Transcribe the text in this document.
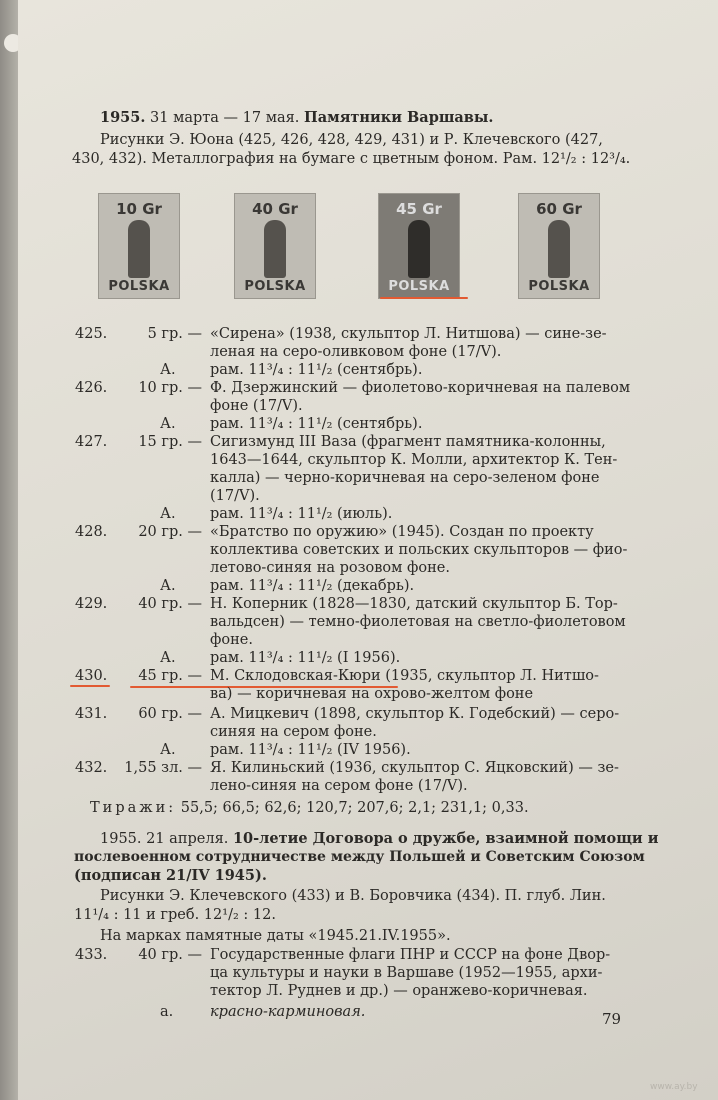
1955. 31 марта — 17 мая. Памятники Варшавы.
Рисунки Э. Юона (425, 426, 428, 429, 431) и Р. Клечевского (427,
430, 432). Металлография на бумаге с цветным фоном. Рам. 12¹/₂ : 12³/₄.
10 Gr
POLSKA
40 Gr
POLSKA
45 Gr
POLSKA
60 Gr
POLSKA
425.	5 гр. — «Сирена» (1938, скульптор Л. Нитшова) — сине-зе-
леная на серо-оливковом фоне (17/V).
А. рам. 11³/₄ : 11¹/₂ (сентябрь).
426.	10 гр. — Ф. Дзержинский — фиолетово-коричневая на палевом
фоне (17/V).
А. рам. 11³/₄ : 11¹/₂ (сентябрь).
427.	15 гр. — Сигизмунд III Ваза (фрагмент памятника-колонны,
1643—1644, скульптор К. Молли, архитектор К. Тен-
калла) — черно-коричневая на серо-зеленом фоне
(17/V).
А. рам. 11³/₄ : 11¹/₂ (июль).
428.	20 гр. — «Братство по оружию» (1945). Создан по проекту
коллектива советских и польских скульпторов — фио-
летово-синяя на розовом фоне.
А. рам. 11³/₄ : 11¹/₂ (декабрь).
429.	40 гр. — Н. Коперник (1828—1830, датский скульптор Б. Тор-
вальдсен) — темно-фиолетовая на светло-фиолетовом
фоне.
А. рам. 11³/₄ : 11¹/₂ (I 1956).
430.	45 гр. — М. Склодовская-Кюри (1935, скульптор Л. Нитшо-
ва) — коричневая на охрово-желтом фоне
431.	60 гр. — А. Мицкевич (1898, скульптор К. Годебский) — серо-
синяя на сером фоне.
А. рам. 11³/₄ : 11¹/₂ (IV 1956).
432.	1,55 зл. — Я. Килиньский (1936, скульптор С. Яцковский) — зе-
лено-синяя на сером фоне (17/V).
Тиражи: 55,5; 66,5; 62,6; 120,7; 207,6; 2,1; 231,1; 0,33.
1955. 21 апреля. 10-летие Договора о дружбе, взаимной помощи и
послевоенном сотрудничестве между Польшей и Советским Союзом
(подписан 21/IV 1945).
Рисунки Э. Клечевского (433) и В. Боровчика (434). П. глуб. Лин.
11¹/₄ : 11 и греб. 12¹/₂ : 12.
На марках памятные даты «1945.21.IV.1955».
433.	40 гр. — Государственные флаги ПНР и СССР на фоне Двор-
ца культуры и науки в Варшаве (1952—1955, архи-
тектор Л. Руднев и др.) — оранжево-коричневая.
а.	красно-карминовая.	79
www.ay.by
